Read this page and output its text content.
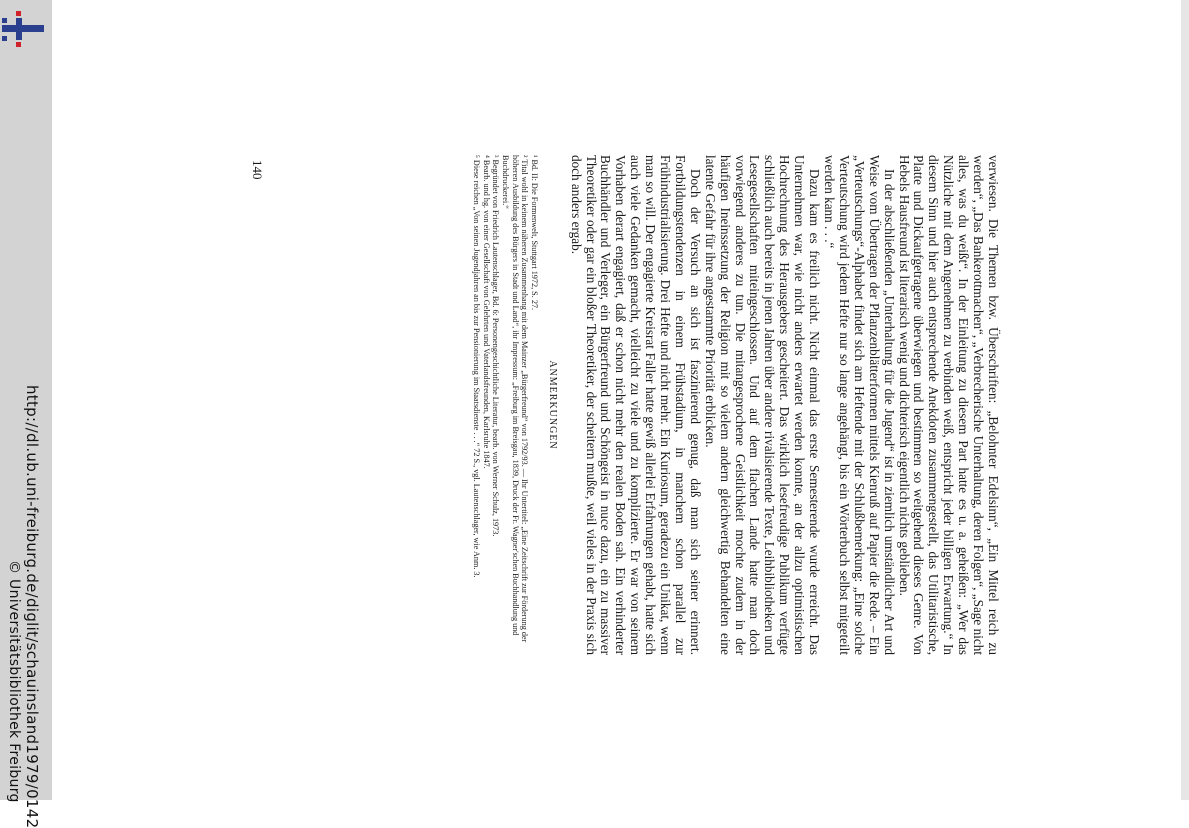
http://dl.ub.uni-freiburg.de/diglit/schauinsland1979/0142
© Universitätsbibliothek Freiburg

verwiesen. Die Themen bzw. Überschriften: „Belohnter Edelsinn“, „Ein Mittel reich zu werden“, „Das Bankerottmachen“, „Verbrecherische Unterhaltung, deren Folgen“, „Sage nicht alles, was du weißt“. In der Einleitung zu diesem Part hatte es u. a. geheißen: „Wer das Nützliche mit dem Angenehmen zu verbinden weiß, entspricht jeder billigen Erwartung.“ In diesem Sinn und hier auch entsprechende Anekdoten zusammengestellt, das Utilitaristische, Platte und Dickaufgetragene überwiegen und bestimmen so weitgehend dieses Genre. Von Hebels Hausfreund ist literarisch wenig und dichterisch eigentlich nichts geblieben.

In der abschließenden „Unterhaltung für die Jugend“ ist in ziemlich umständlicher Art und Weise vom Übertragen der Pflanzenblätterformen mittels Kienruß auf Papier die Rede. – Ein „Verteutschungs“-Alphabet findet sich am Heftende mit der Schlußbemerkung: „Eine solche Verteutschung wird jedem Hefte nur so lange angehängt, bis ein Wörterbuch selbst mitgeteilt werden kann . . .“

Dazu kam es freilich nicht. Nicht einmal das erste Semesterende wurde erreicht. Das Unternehmen war, wie nicht anders erwartet werden konnte, an der allzu optimistischen Hochrechnung des Herausgebers gescheitert. Das wirklich lesefreudige Publikum verfügte schließlich auch bereits in jenen Jahren über andere rivalisierende Texte, Leihbibliotheken und Lesegesellschaften miteingeschlossen. Und auf dem flachen Lande hatte man doch vorwiegend anderes zu tun. Die mitangesprochene Geistlichkeit mochte zudem in der häufigen Ineinssetzung der Religion mit so vielem andern gleichwertig Behandelten eine latente Gefahr für ihre angestammte Priorität erblicken.

Doch der Versuch an sich ist faszinierend genug, daß man sich seiner erinnert. Fortbildungstendenzen in einem Frühstadium, in manchem schon parallel zur Frühindustrialisierung. Drei Hefte und nicht mehr. Ein Kuriosum, geradezu ein Unikat, wenn man so will. Der engagierte Kreisrat Faller hatte gewiß allerlei Erfahrungen gehabt, hatte sich auch viele Gedanken gemacht, vielleicht zu viele und zu komplizierte. Er war von seinem Vorhaben derart engagiert, daß er schon nicht mehr den realen Boden sah. Ein verhinderter Buchhändler und Verleger, ein Bürgerfreund und Schöngeist in nuce dazu, ein zu massiver Theoretiker oder gar ein bloßer Theoretiker, der scheitern mußte, weil vieles in der Praxis sich doch anders ergab.

ANMERKUNGEN

¹ Bd. II: Die Formenwelt, Stuttgart 1972, S. 27.

² Tital wohl in keinem näheren Zusammenhang mit dem Mainzer „Bürgerfreund“ von 1792/93. — Ihr Untertitel: „Eine Zeitschrift zur Förderung der höheren Ausbildung des Bürgers in Stadt und Land“, ihr Impressum: „Freiburg im Breisgau, 1839, Druck der Fr. Wagner'schen Buchhandlung und Buchdruckerei.“

³ Begründet von Friedrich Lautenschlager, Bd. 6: Personengeschichtliche Literatur, bearb. von Werner Schulz, 1973.

⁴ Bearb. und hg. von einer Gesellschaft von Gelehrten und Vaterlandsfreunden, Karlsruhe 1847.

⁵ Diese reichen „Von seinen Jugendjahren an bis zur Pensionierung im Staatsdienste . . .“ 72 S., vgl. Lautenschlager, wie Anm. 3.

140
